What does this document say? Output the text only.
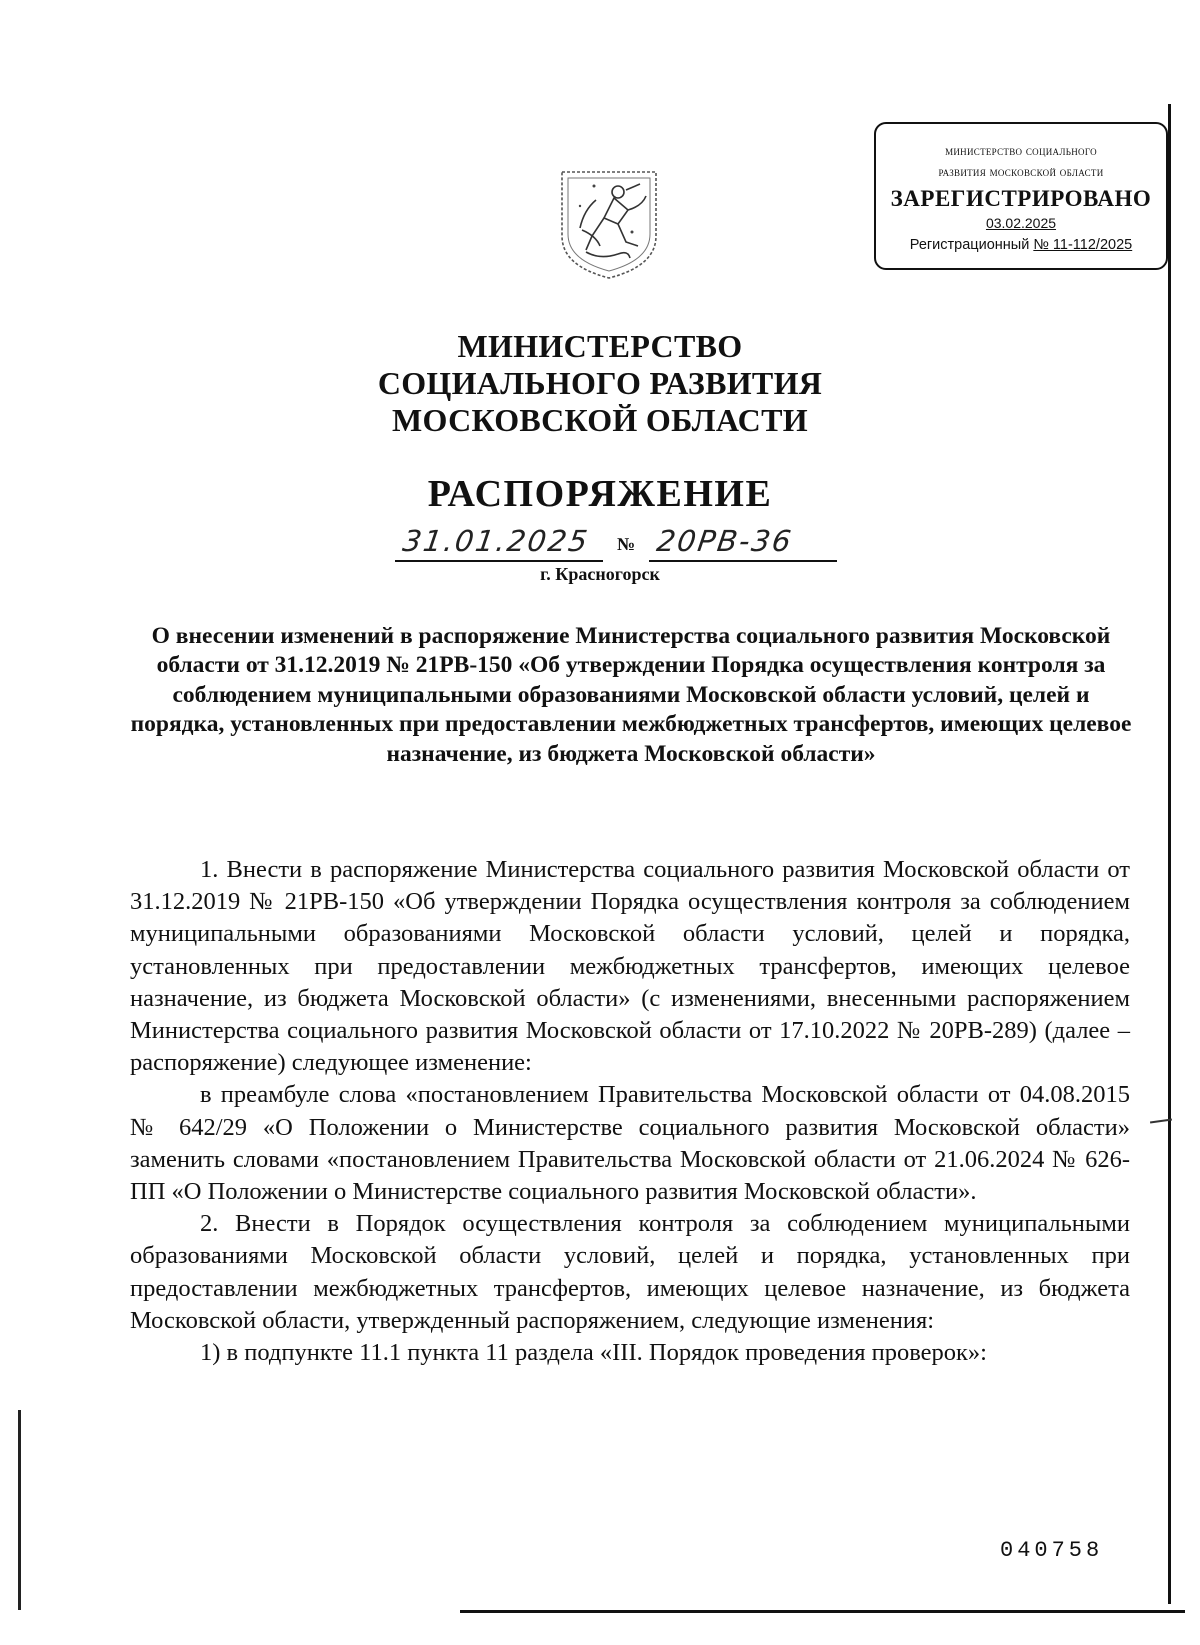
министерство социального
развития московской области
ЗАРЕГИСТРИРОВАНО
03.02.2025
Регистрационный № 11-112/2025
МИНИСТЕРСТВО
СОЦИАЛЬНОГО РАЗВИТИЯ
МОСКОВСКОЙ ОБЛАСТИ
РАСПОРЯЖЕНИЕ
31.01.2025 № 20РВ-36
г. Красногорск
О внесении изменений в распоряжение Министерства социального развития Московской области от 31.12.2019 № 21РВ-150 «Об утверждении Порядка осуществления контроля за соблюдением муниципальными образованиями Московской области условий, целей и порядка, установленных при предоставлении межбюджетных трансфертов, имеющих целевое назначение, из бюджета Московской области»

1. Внести в распоряжение Министерства социального развития Московской области от 31.12.2019 № 21РВ-150 «Об утверждении Порядка осуществления контроля за соблюдением муниципальными образованиями Московской области условий, целей и порядка, установленных при предоставлении межбюджетных трансфертов, имеющих целевое назначение, из бюджета Московской области» (с изменениями, внесенными распоряжением Министерства социального развития Московской области от 17.10.2022 № 20РВ-289) (далее – распоряжение) следующее изменение:

в преамбуле слова «постановлением Правительства Московской области от 04.08.2015 № 642/29 «О Положении о Министерстве социального развития Московской области» заменить словами «постановлением Правительства Московской области от 21.06.2024 № 626-ПП «О Положении о Министерстве социального развития Московской области».

2. Внести в Порядок осуществления контроля за соблюдением муниципальными образованиями Московской области условий, целей и порядка, установленных при предоставлении межбюджетных трансфертов, имеющих целевое назначение, из бюджета Московской области, утвержденный распоряжением, следующие изменения:

1) в подпункте 11.1 пункта 11 раздела «III. Порядок проведения проверок»:

040758
